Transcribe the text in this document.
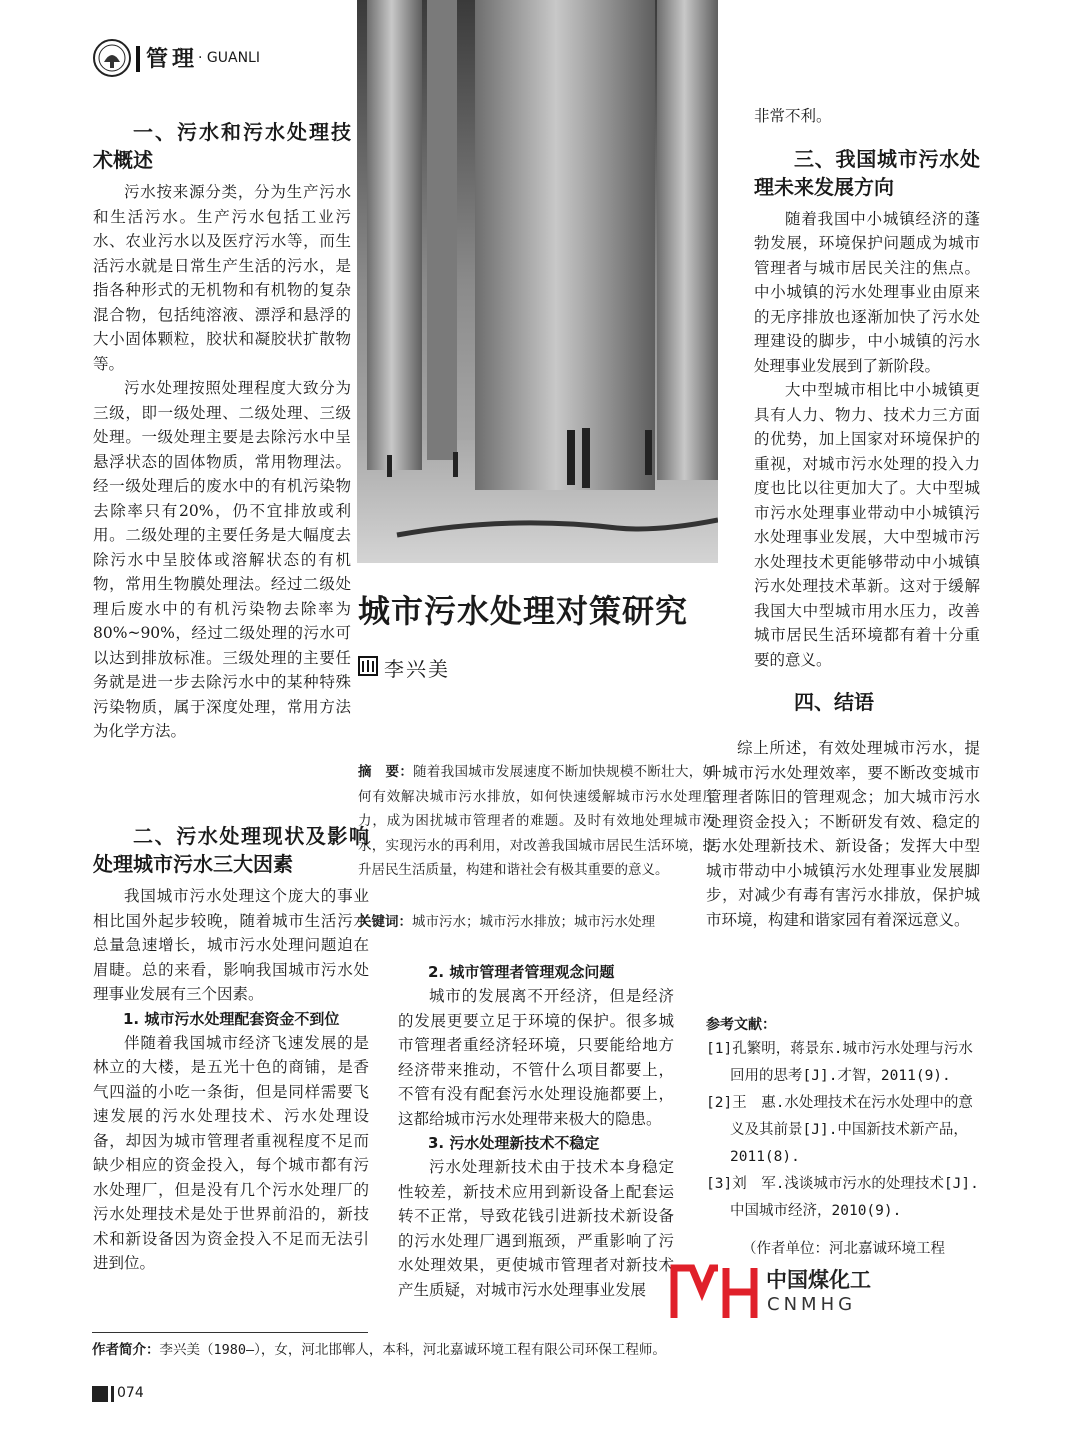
管理 · GUANLI
一、污水和污水处理技术概述

污水按来源分类，分为生产污水和生活污水。生产污水包括工业污水、农业污水以及医疗污水等，而生活污水就是日常生产生活的污水，是指各种形式的无机物和有机物的复杂混合物，包括纯溶液、漂浮和悬浮的大小固体颗粒，胶状和凝胶状扩散物等。

污水处理按照处理程度大致分为三级，即一级处理、二级处理、三级处理。一级处理主要是去除污水中呈悬浮状态的固体物质，常用物理法。经一级处理后的废水中的有机污染物去除率只有20%，仍不宜排放或利用。二级处理的主要任务是大幅度去除污水中呈胶体或溶解状态的有机物，常用生物膜处理法。经过二级处理后废水中的有机污染物去除率为80%~90%，经过二级处理的污水可以达到排放标准。三级处理的主要任务就是进一步去除污水中的某种特殊污染物质，属于深度处理，常用方法为化学方法。

二、污水处理现状及影响处理城市污水三大因素

我国城市污水处理这个庞大的事业相比国外起步较晚，随着城市生活污水总量急速增长，城市污水处理问题迫在眉睫。总的来看，影响我国城市污水处理事业发展有三个因素。

1. 城市污水处理配套资金不到位

伴随着我国城市经济飞速发展的是林立的大楼，是五光十色的商铺，是香气四溢的小吃一条街，但是同样需要飞速发展的污水处理技术、污水处理设备，却因为城市管理者重视程度不足而缺少相应的资金投入，每个城市都有污水处理厂，但是没有几个污水处理厂的污水处理技术是处于世界前沿的，新技术和新设备因为资金投入不足而无法引进到位。

城市污水处理对策研究
李兴美
摘　要：随着我国城市发展速度不断加快规模不断壮大，如何有效解决城市污水排放，如何快速缓解城市污水处理压力，成为困扰城市管理者的难题。及时有效地处理城市污水，实现污水的再利用，对改善我国城市居民生活环境，提升居民生活质量，构建和谐社会有极其重要的意义。
关键词：城市污水；城市污水排放；城市污水处理
2. 城市管理者管理观念问题

城市的发展离不开经济，但是经济的发展更要立足于环境的保护。很多城市管理者重经济轻环境，只要能给地方经济带来推动，不管什么项目都要上，不管有没有配套污水处理设施都要上，这都给城市污水处理带来极大的隐患。

3. 污水处理新技术不稳定

污水处理新技术由于技术本身稳定性较差，新技术应用到新设备上配套运转不正常，导致花钱引进新技术新设备的污水处理厂遇到瓶颈，严重影响了污水处理效果，更使城市管理者对新技术产生质疑，对城市污水处理事业发展

非常不利。
三、我国城市污水处理未来发展方向

随着我国中小城镇经济的蓬勃发展，环境保护问题成为城市管理者与城市居民关注的焦点。中小城镇的污水处理事业由原来的无序排放也逐渐加快了污水处理建设的脚步，中小城镇的污水处理事业发展到了新阶段。

大中型城市相比中小城镇更具有人力、物力、技术力三方面的优势，加上国家对环境保护的重视，对城市污水处理的投入力度也比以往更加大了。大中型城市污水处理事业带动中小城镇污水处理事业发展，大中型城市污水处理技术更能够带动中小城镇污水处理技术革新。这对于缓解我国大中型城市用水压力，改善城市居民生活环境都有着十分重要的意义。

四、结语

综上所述，有效处理城市污水，提升城市污水处理效率，要不断改变城市管理者陈旧的管理观念；加大城市污水处理资金投入；不断研发有效、稳定的污水处理新技术、新设备；发挥大中型城市带动中小城镇污水处理事业发展脚步，对减少有毒有害污水排放，保护城市环境，构建和谐家园有着深远意义。

参考文献：
[1]孔繁明，蒋景东.城市污水处理与污水回用的思考[J].才智，2011(9).
[2]王　惠.水处理技术在污水处理中的意义及其前景[J].中国新技术新产品，2011(8).
[3]刘　军.浅谈城市污水的处理技术[J].中国城市经济，2010(9).
（作者单位：河北嘉诚环境工程
中国煤化工
CNMHG
作者简介：李兴美（1980—），女，河北邯郸人，本科，河北嘉诚环境工程有限公司环保工程师。
074
